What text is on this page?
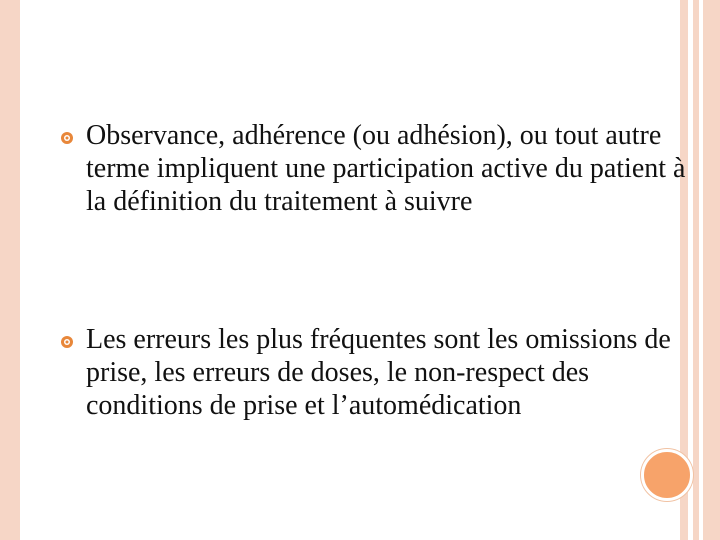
Observance, adhérence (ou adhésion), ou tout autre terme impliquent une participation active du patient à la définition du traitement à suivre
Les erreurs les plus fréquentes sont les omissions de prise, les erreurs de doses, le non-respect des conditions de prise et l’automédication
